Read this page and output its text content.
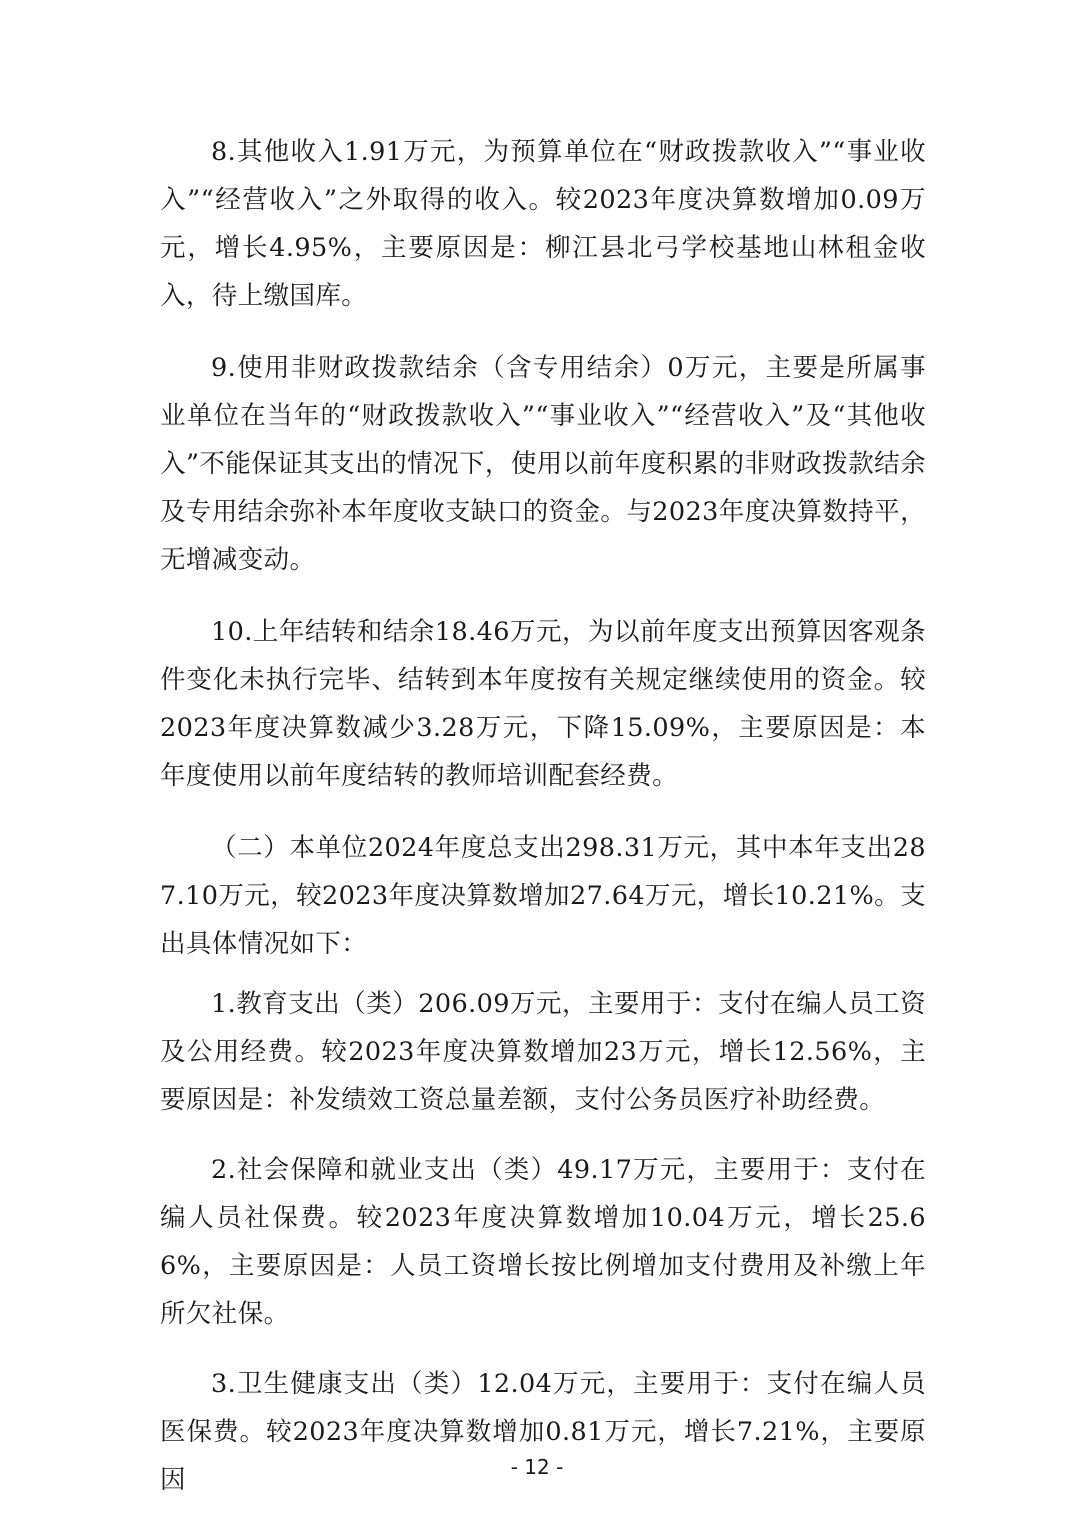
8.其他收入1.91万元，为预算单位在“财政拨款收入”“事业收入”“经营收入”之外取得的收入。较2023年度决算数增加0.09万元，增长4.95%，主要原因是：柳江县北弓学校基地山林租金收入，待上缴国库。

9.使用非财政拨款结余（含专用结余）0万元，主要是所属事业单位在当年的“财政拨款收入”“事业收入”“经营收入”及“其他收入”不能保证其支出的情况下，使用以前年度积累的非财政拨款结余及专用结余弥补本年度收支缺口的资金。与2023年度决算数持平，无增减变动。

10.上年结转和结余18.46万元，为以前年度支出预算因客观条件变化未执行完毕、结转到本年度按有关规定继续使用的资金。较2023年度决算数减少3.28万元，下降15.09%，主要原因是：本年度使用以前年度结转的教师培训配套经费。

（二）本单位2024年度总支出298.31万元，其中本年支出287.10万元，较2023年度决算数增加27.64万元，增长10.21%。支出具体情况如下：

1.教育支出（类）206.09万元，主要用于：支付在编人员工资及公用经费。较2023年度决算数增加23万元，增长12.56%，主要原因是：补发绩效工资总量差额，支付公务员医疗补助经费。

2.社会保障和就业支出（类）49.17万元，主要用于：支付在编人员社保费。较2023年度决算数增加10.04万元，增长25.66%，主要原因是：人员工资增长按比例增加支付费用及补缴上年所欠社保。

3.卫生健康支出（类）12.04万元，主要用于：支付在编人员医保费。较2023年度决算数增加0.81万元，增长7.21%，主要原因	- 12 -
